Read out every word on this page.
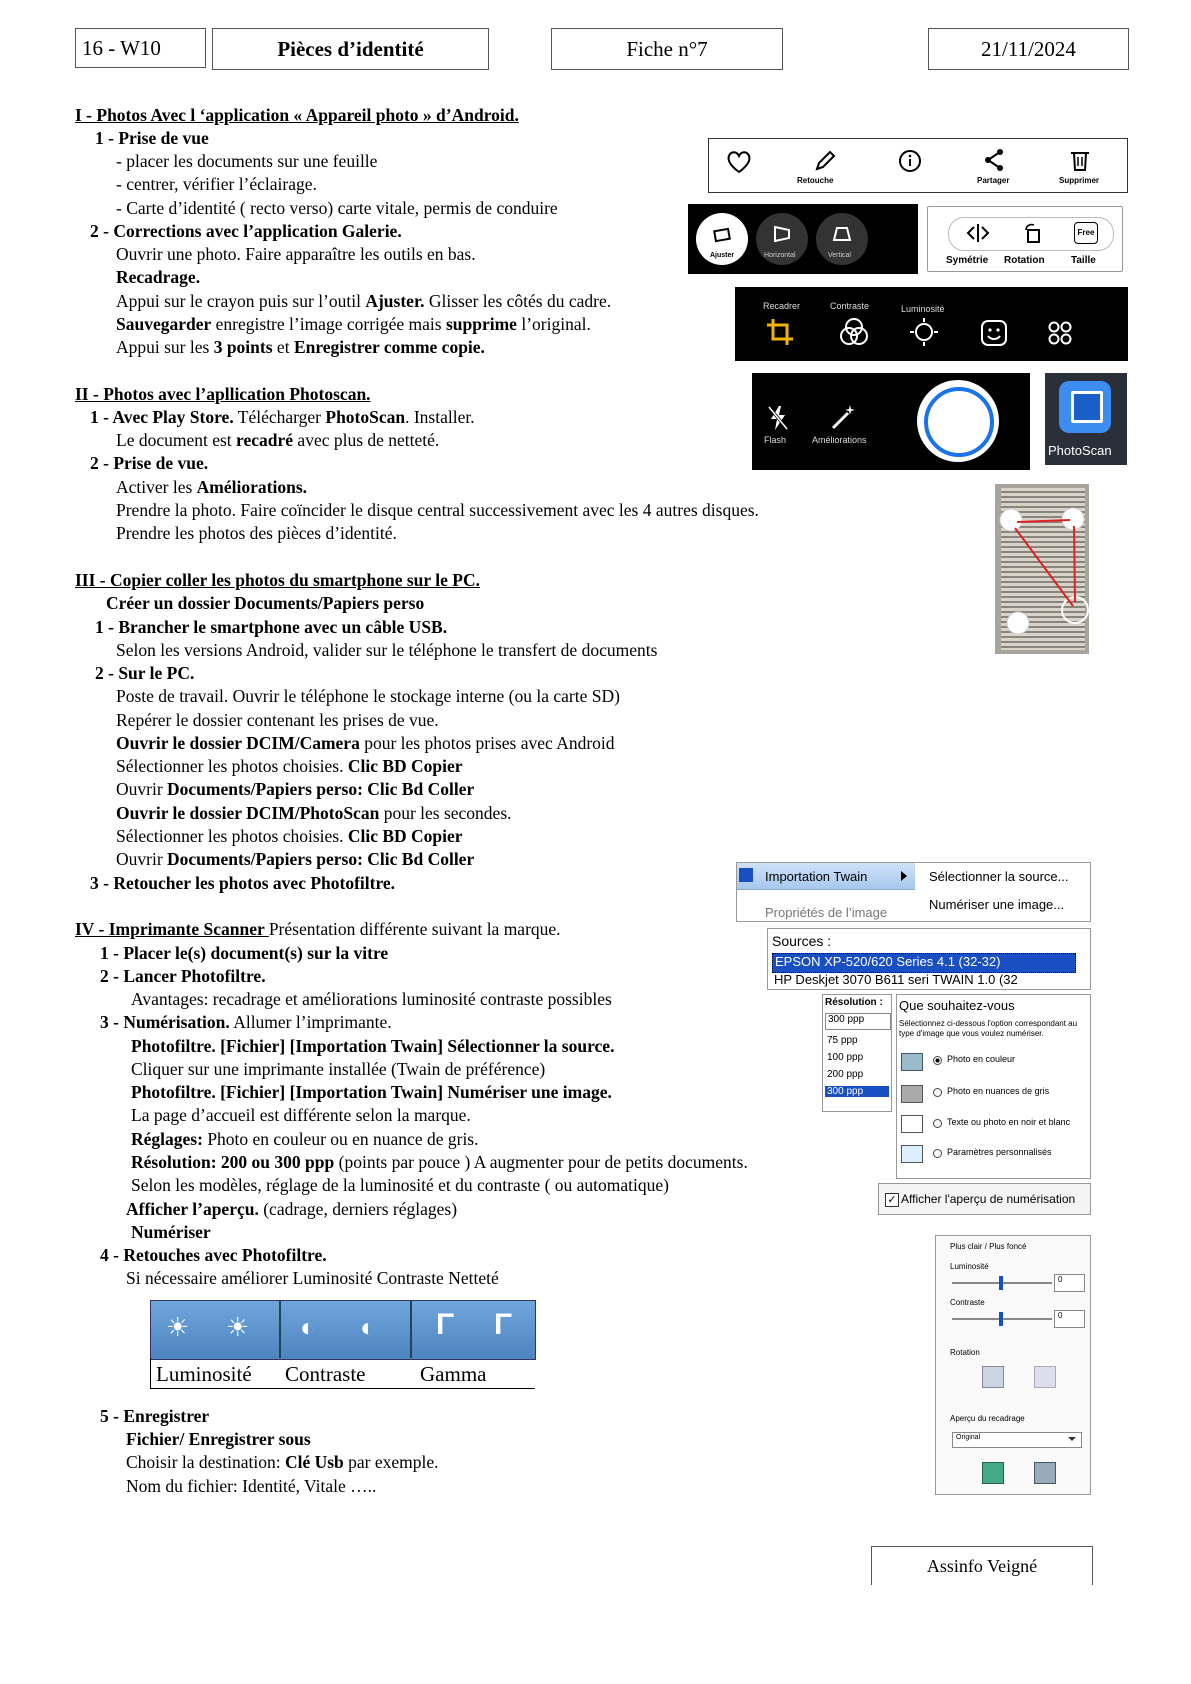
16 - W10	Pièces d’identité	Fiche n°7	21/11/2024
I - Photos Avec l ‘application « Appareil photo » d’Android.
1 - Prise de vue
- placer les documents sur une feuille
- centrer, vérifier l’éclairage.
- Carte d’identité ( recto verso) carte vitale, permis de conduire
2 - Corrections avec l’application Galerie.
Ouvrir une photo. Faire apparaître les outils en bas.
Recadrage.
Appui sur le crayon puis sur l’outil Ajuster. Glisser les côtés du cadre.
Sauvegarder enregistre l’image corrigée mais supprime l’original.
Appui sur les 3 points et Enregistrer comme copie.
II - Photos avec l’apllication Photoscan.
1 - Avec Play Store. Télécharger PhotoScan. Installer.
Le document est recadré avec plus de netteté.
2 - Prise de vue.
Activer les Améliorations.
Prendre la photo. Faire coïncider le disque central successivement avec les 4 autres disques.
Prendre les photos des pièces d’identité.
III - Copier coller les photos du smartphone sur le PC.
Créer un dossier Documents/Papiers perso
1 - Brancher le smartphone avec un câble USB.
Selon les versions Android, valider sur le téléphone le transfert de documents
2 - Sur le PC.
Poste de travail. Ouvrir le téléphone le stockage interne (ou la carte SD)
Repérer le dossier contenant les prises de vue.
Ouvrir le dossier DCIM/Camera pour les photos prises avec Android
Sélectionner les photos choisies. Clic BD Copier
Ouvrir Documents/Papiers perso: Clic Bd Coller
Ouvrir le dossier DCIM/PhotoScan pour les secondes.
Sélectionner les photos choisies. Clic BD Copier
Ouvrir Documents/Papiers perso: Clic Bd Coller
3 - Retoucher les photos avec Photofiltre.
IV - Imprimante Scanner Présentation différente suivant la marque.
1 - Placer le(s) document(s) sur la vitre
2 - Lancer Photofiltre.
Avantages: recadrage et améliorations luminosité contraste possibles
3 - Numérisation. Allumer l’imprimante.
Photofiltre. [Fichier] [Importation Twain] Sélectionner la source.
Cliquer sur une imprimante installée (Twain de préférence)
Photofiltre. [Fichier] [Importation Twain] Numériser une image.
La page d’accueil est différente selon la marque.
Réglages: Photo en couleur ou en nuance de gris.
Résolution: 200 ou 300 ppp (points par pouce ) A augmenter pour de petits documents.
Selon les modèles, réglage de la luminosité et du contraste ( ou automatique)
Afficher l’aperçu. (cadrage, derniers réglages)
Numériser
4 - Retouches avec Photofiltre.
Si nécessaire améliorer Luminosité Contraste Netteté
5 - Enregistrer
Fichier/ Enregistrer sous
Choisir la destination: Clé Usb par exemple.
Nom du fichier: Identité, Vitale …..
Retouche	Partager	Supprimer
Ajuster	Horizontal	Vertical
Free
Symétrie Rotation	Taille
Recadrer	Contraste	Luminosité
Flash	Améliorations
PhotoScan
Importation Twain
Propriétés de l’image
Sélectionner la source...
Numériser une image...
Sources :
EPSON XP-520/620 Series 4.1 (32-32)
HP Deskjet 3070 B611 seri TWAIN 1.0 (32
Résolution :
300 ppp
75 ppp
100 ppp
200 ppp
300 ppp
Que souhaitez-vous
Sélectionnez ci-dessous l'option correspondant au type d'image que vous voulez numériser.
Photo en couleur
Photo en nuances de gris
Texte ou photo en noir et blanc
Paramètres personnalisés
✓ Afficher l'aperçu de numérisation
☀ ☀ ◐ ◐ Γ Γ
Luminosité Contraste	Gamma
Plus clair / Plus foncé
Luminosité
0
Contraste
0
Rotation
Aperçu du recadrage
Original
Assinfo Veigné
